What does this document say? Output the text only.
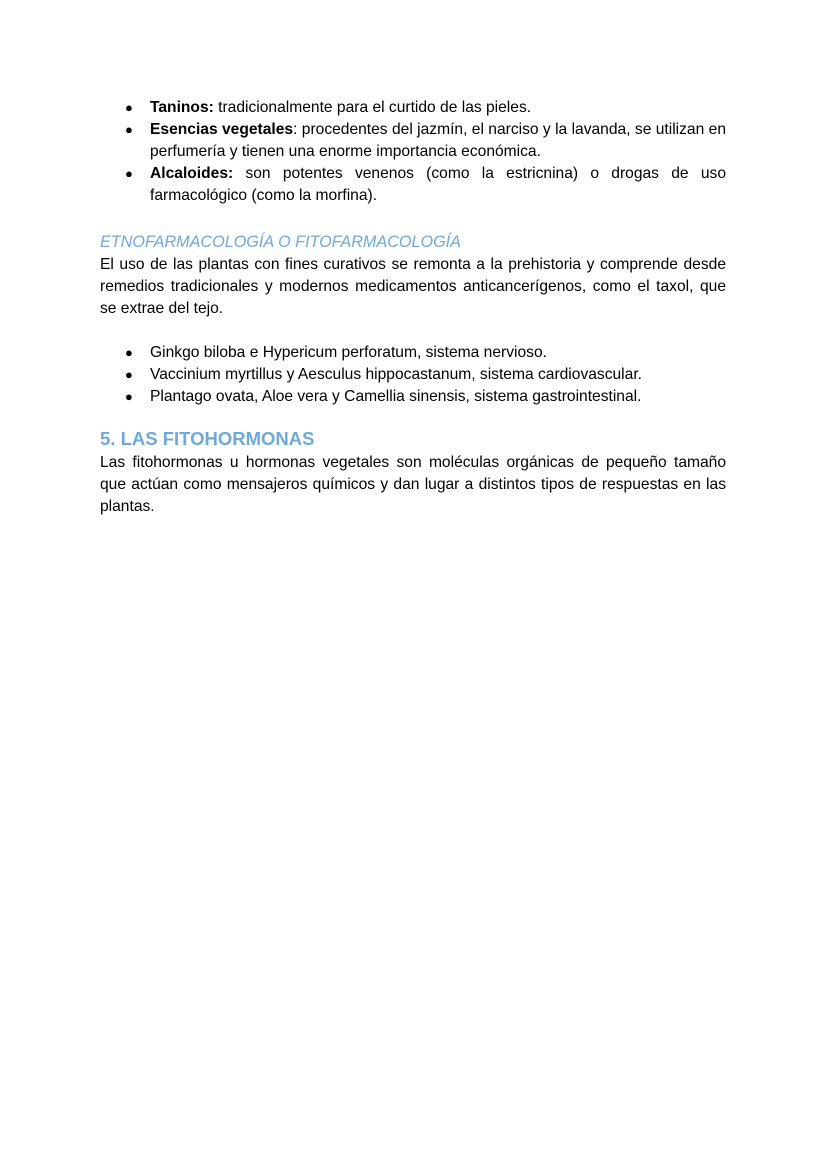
● Taninos: tradicionalmente para el curtido de las pieles.
● Esencias vegetales: procedentes del jazmín, el narciso y la lavanda, se utilizan en perfumería y tienen una enorme importancia económica.
● Alcaloides: son potentes venenos (como la estricnina) o drogas de uso farmacológico (como la morfina).
ETNOFARMACOLOGÍA O FITOFARMACOLOGÍA

El uso de las plantas con fines curativos se remonta a la prehistoria y comprende desde remedios tradicionales y modernos medicamentos anticancerígenos, como el taxol, que se extrae del tejo.

● Ginkgo biloba e Hypericum perforatum, sistema nervioso.
● Vaccinium myrtillus y Aesculus hippocastanum, sistema cardiovascular.
● Plantago ovata, Aloe vera y Camellia sinensis, sistema gastrointestinal.
5. LAS FITOHORMONAS

Las fitohormonas u hormonas vegetales son moléculas orgánicas de pequeño tamaño que actúan como mensajeros químicos y dan lugar a distintos tipos de respuestas en las plantas.
